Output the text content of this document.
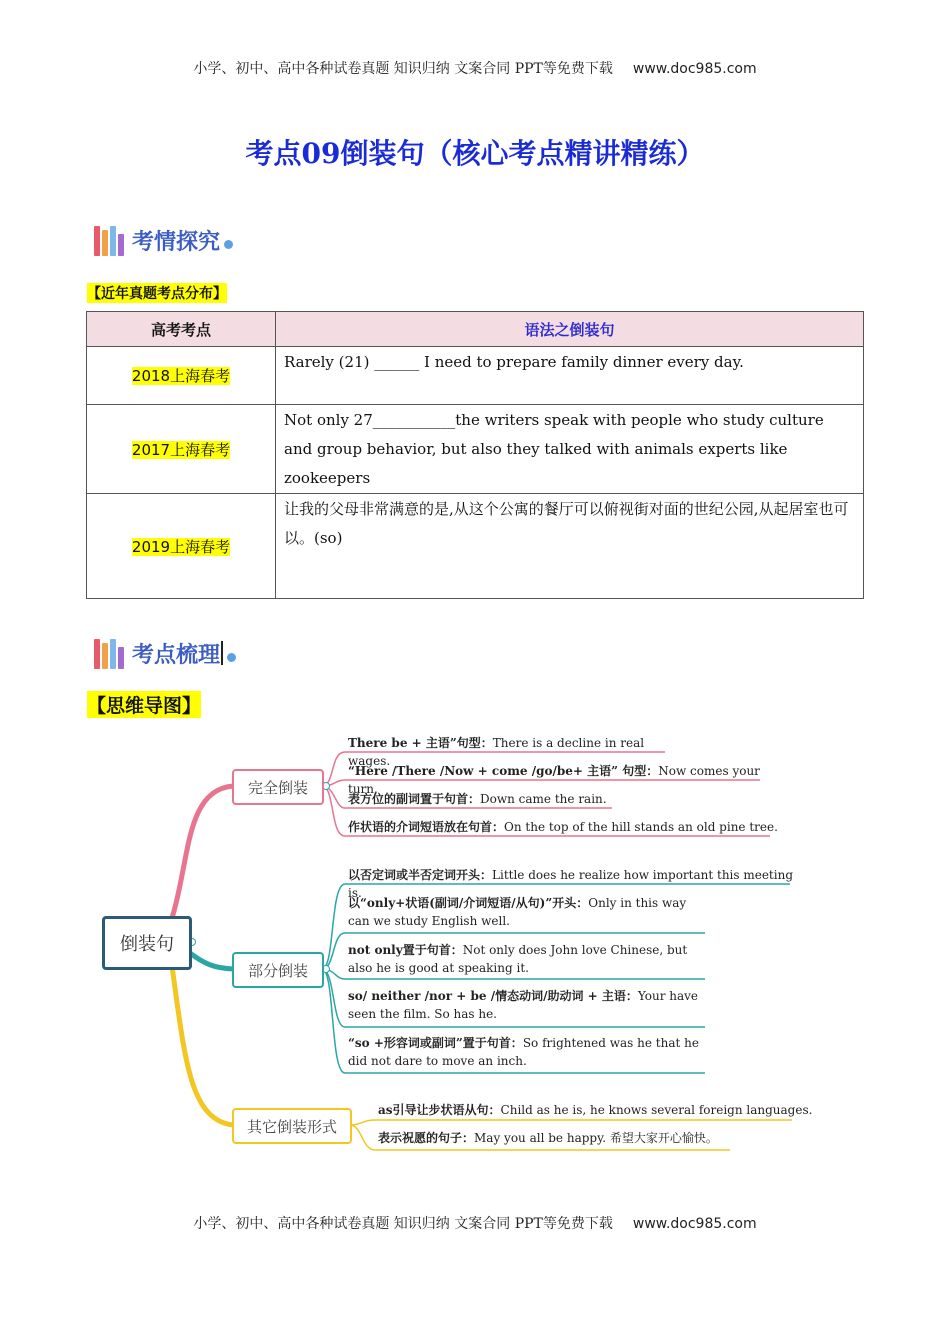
小学、初中、高中各种试卷真题 知识归纳 文案合同 PPT等免费下载 www.doc985.com
考点09倒装句（核心考点精讲精练）
考情探究
【近年真题考点分布】
高考考点	语法之倒装句
2018上海春考	Rarely (21) ______ I need to prepare family dinner every day.
2017上海春考	Not only 27___________the writers speak with people who study culture and group behavior, but also they talked with animals experts like zookeepers
2019上海春考	让我的父母非常满意的是,从这个公寓的餐厅可以俯视街对面的世纪公园,从起居室也可以。(so)
考点梳理
【思维导图】
倒装句
完全倒装
部分倒装
其它倒装形式
There be + 主语”句型：There is a decline in real wages.
“Here /There /Now + come /go/be+ 主语” 句型：Now comes your turn.
表方位的副词置于句首：Down came the rain.
作状语的介词短语放在句首：On the top of the hill stands an old pine tree.
以否定词或半否定词开头：Little does he realize how important this meeting is.
以“only+状语(副词/介词短语/从句)”开头：Only in this way can we study English well.
not only置于句首：Not only does John love Chinese, but also he is good at speaking it.
so/ neither /nor + be /情态动词/助动词 + 主语：Your have seen the film. So has he.
“so +形容词或副词”置于句首：So frightened was he that he did not dare to move an inch.
as引导让步状语从句：Child as he is, he knows several foreign languages.
表示祝愿的句子：May you all be happy. 希望大家开心愉快。
小学、初中、高中各种试卷真题 知识归纳 文案合同 PPT等免费下载 www.doc985.com
